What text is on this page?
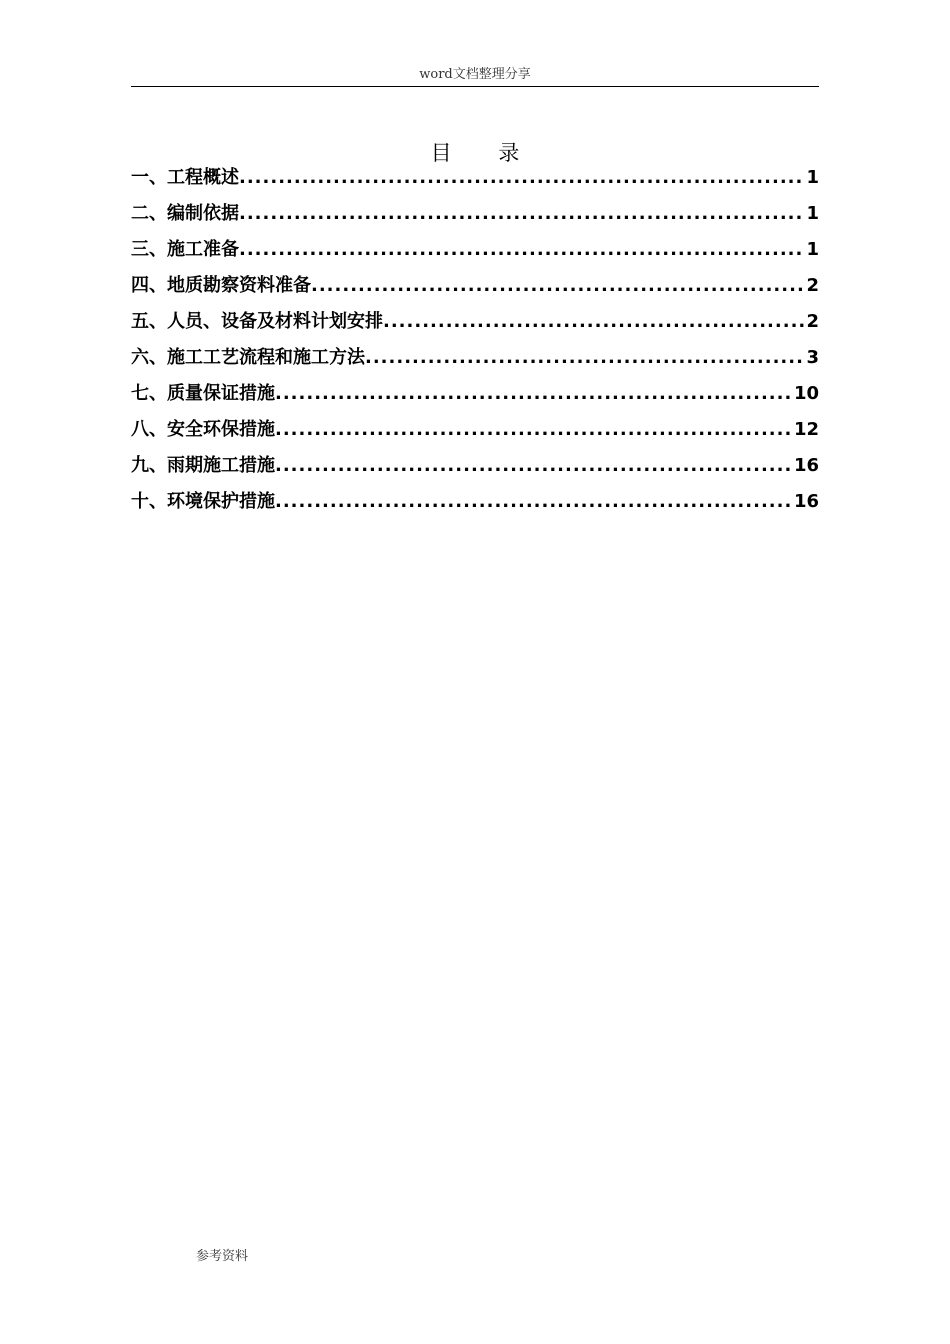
word文档整理分享
目 录
一、工程概述 .....	1
二、编制依据 .....	1
三、施工准备 .....	1
四、地质勘察资料准备 .....	2
五、人员、设备及材料计划安排 .....	2
六、施工工艺流程和施工方法 .....	3
七、质量保证措施 .....	10
八、安全环保措施 .....	12
九、雨期施工措施 .....	16
十、环境保护措施 .....	16
参考资料
